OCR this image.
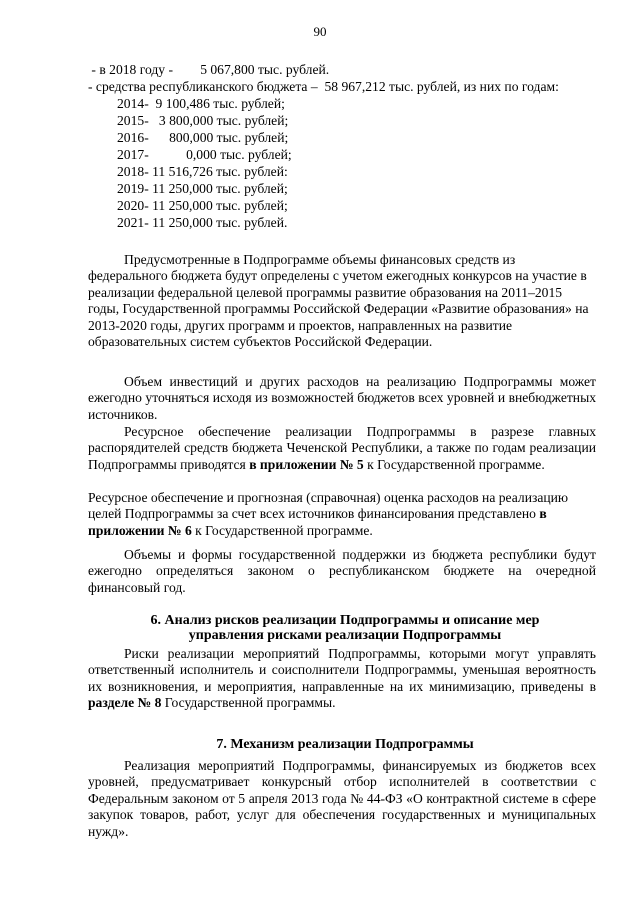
90
- в 2018 году -        5 067,800 тыс. рублей.
- средства республиканского бюджета –  58 967,212 тыс. рублей, из них по годам:
2014-  9 100,486 тыс. рублей;
2015-   3 800,000 тыс. рублей;
2016-      800,000 тыс. рублей;
2017-           0,000 тыс. рублей;
2018- 11 516,726 тыс. рублей:
2019- 11 250,000 тыс. рублей;
2020- 11 250,000 тыс. рублей;
2021- 11 250,000 тыс. рублей.
Предусмотренные в Подпрограмме объемы финансовых средств из федерального бюджета будут определены с учетом ежегодных конкурсов на участие в реализации федеральной целевой программы развитие образования на 2011–2015 годы, Государственной программы Российской Федерации «Развитие образования» на 2013-2020 годы, других программ и проектов, направленных на развитие образовательных систем субъектов Российской Федерации.
Объем инвестиций и других расходов на реализацию Подпрограммы может ежегодно уточняться исходя из возможностей бюджетов всех уровней и внебюджетных источников.
Ресурсное обеспечение реализации Подпрограммы в разрезе главных распорядителей средств бюджета Чеченской Республики, а также по годам реализации Подпрограммы приводятся в приложении № 5 к Государственной программе.
Ресурсное обеспечение и прогнозная (справочная) оценка расходов на реализацию целей Подпрограммы за счет всех источников финансирования представлено в приложении № 6 к Государственной программе.
Объемы и формы государственной поддержки из бюджета республики будут ежегодно определяться законом о республиканском бюджете на очередной финансовый год.
6. Анализ рисков реализации Подпрограммы и описание мер
управления рисками реализации Подпрограммы
Риски реализации мероприятий Подпрограммы, которыми могут управлять ответственный исполнитель и соисполнители Подпрограммы, уменьшая вероятность их возникновения, и мероприятия, направленные на их минимизацию, приведены в разделе № 8 Государственной программы.
7. Механизм реализации Подпрограммы
Реализация мероприятий Подпрограммы, финансируемых из бюджетов всех уровней, предусматривает конкурсный отбор исполнителей в соответствии с Федеральным законом от 5 апреля 2013 года № 44-ФЗ «О контрактной системе в сфере закупок товаров, работ, услуг для обеспечения государственных и муниципальных нужд».
